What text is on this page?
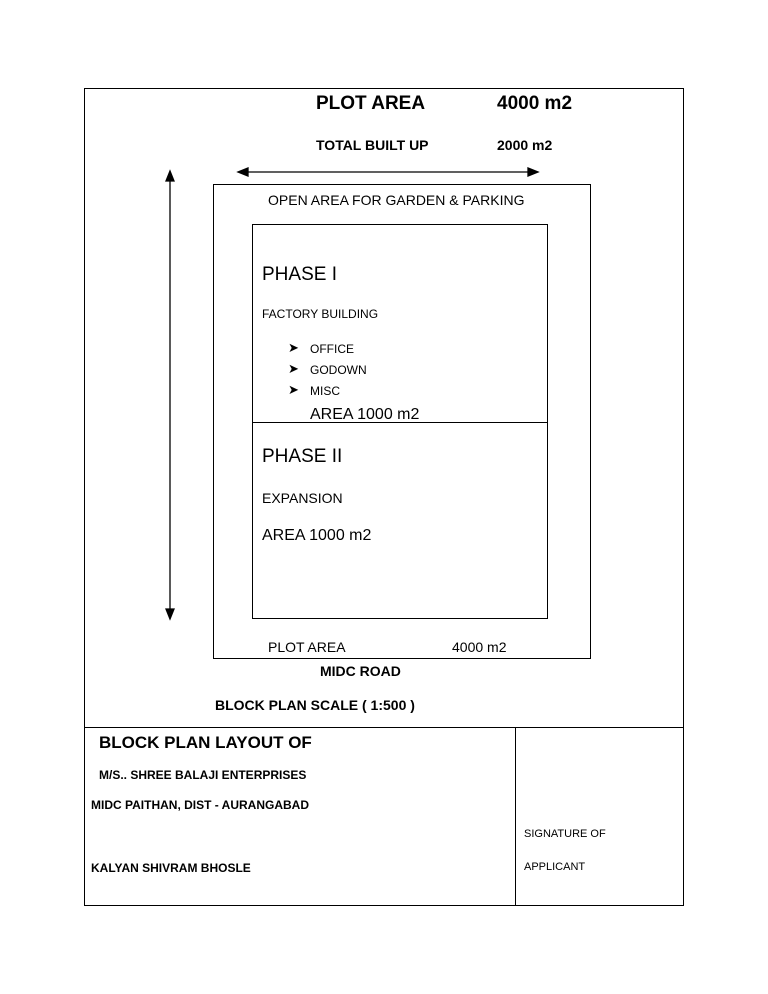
PLOT AREA	4000 m2
TOTAL BUILT UP	2000 m2
OPEN AREA FOR GARDEN & PARKING
PHASE I
FACTORY BUILDING
➤ OFFICE
➤ GODOWN
➤ MISC
AREA 1000 m2
PHASE II
EXPANSION
AREA 1000 m2
PLOT AREA	4000 m2
MIDC ROAD
BLOCK PLAN SCALE ( 1:500 )
BLOCK PLAN LAYOUT OF
M/S.. SHREE BALAJI ENTERPRISES
MIDC PAITHAN, DIST - AURANGABAD
KALYAN SHIVRAM BHOSLE
SIGNATURE OF
APPLICANT
